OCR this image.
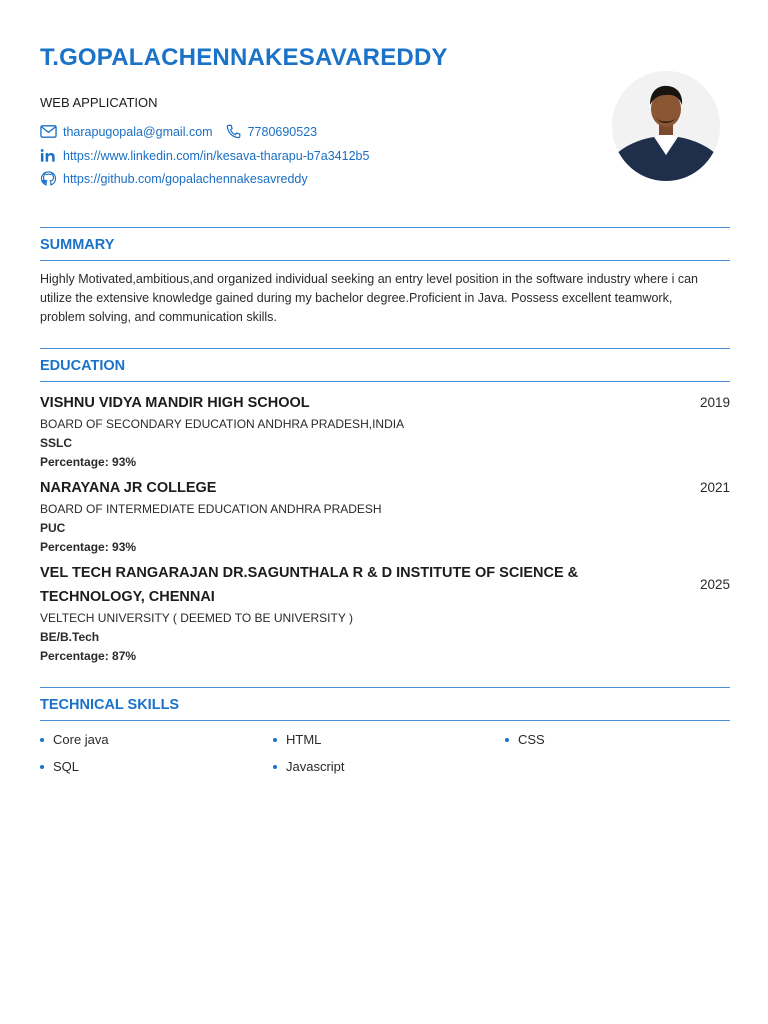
T.GOPALACHENNAKESAVAREDDY
WEB APPLICATION
tharapugopala@gmail.com	7780690523
https://www.linkedin.com/in/kesava-tharapu-b7a3412b5
https://github.com/gopalachennakesavreddy
SUMMARY
Highly Motivated,ambitious,and organized individual seeking an entry level position in the software industry where i can utilize the extensive knowledge gained during my bachelor degree.Proficient in Java. Possess excellent teamwork, problem solving, and communication skills.
EDUCATION
2019
VISHNU VIDYA MANDIR HIGH SCHOOL
BOARD OF SECONDARY EDUCATION ANDHRA PRADESH,INDIA
SSLC
Percentage: 93%
2021
NARAYANA JR COLLEGE
BOARD OF INTERMEDIATE EDUCATION ANDHRA PRADESH
PUC
Percentage: 93%
2025
VEL TECH RANGARAJAN DR.SAGUNTHALA R & D INSTITUTE OF SCIENCE & TECHNOLOGY, CHENNAI
VELTECH UNIVERSITY ( DEEMED TO BE UNIVERSITY )
BE/B.Tech
Percentage: 87%
TECHNICAL SKILLS
Core java	HTML	CSS
SQL	Javascript
